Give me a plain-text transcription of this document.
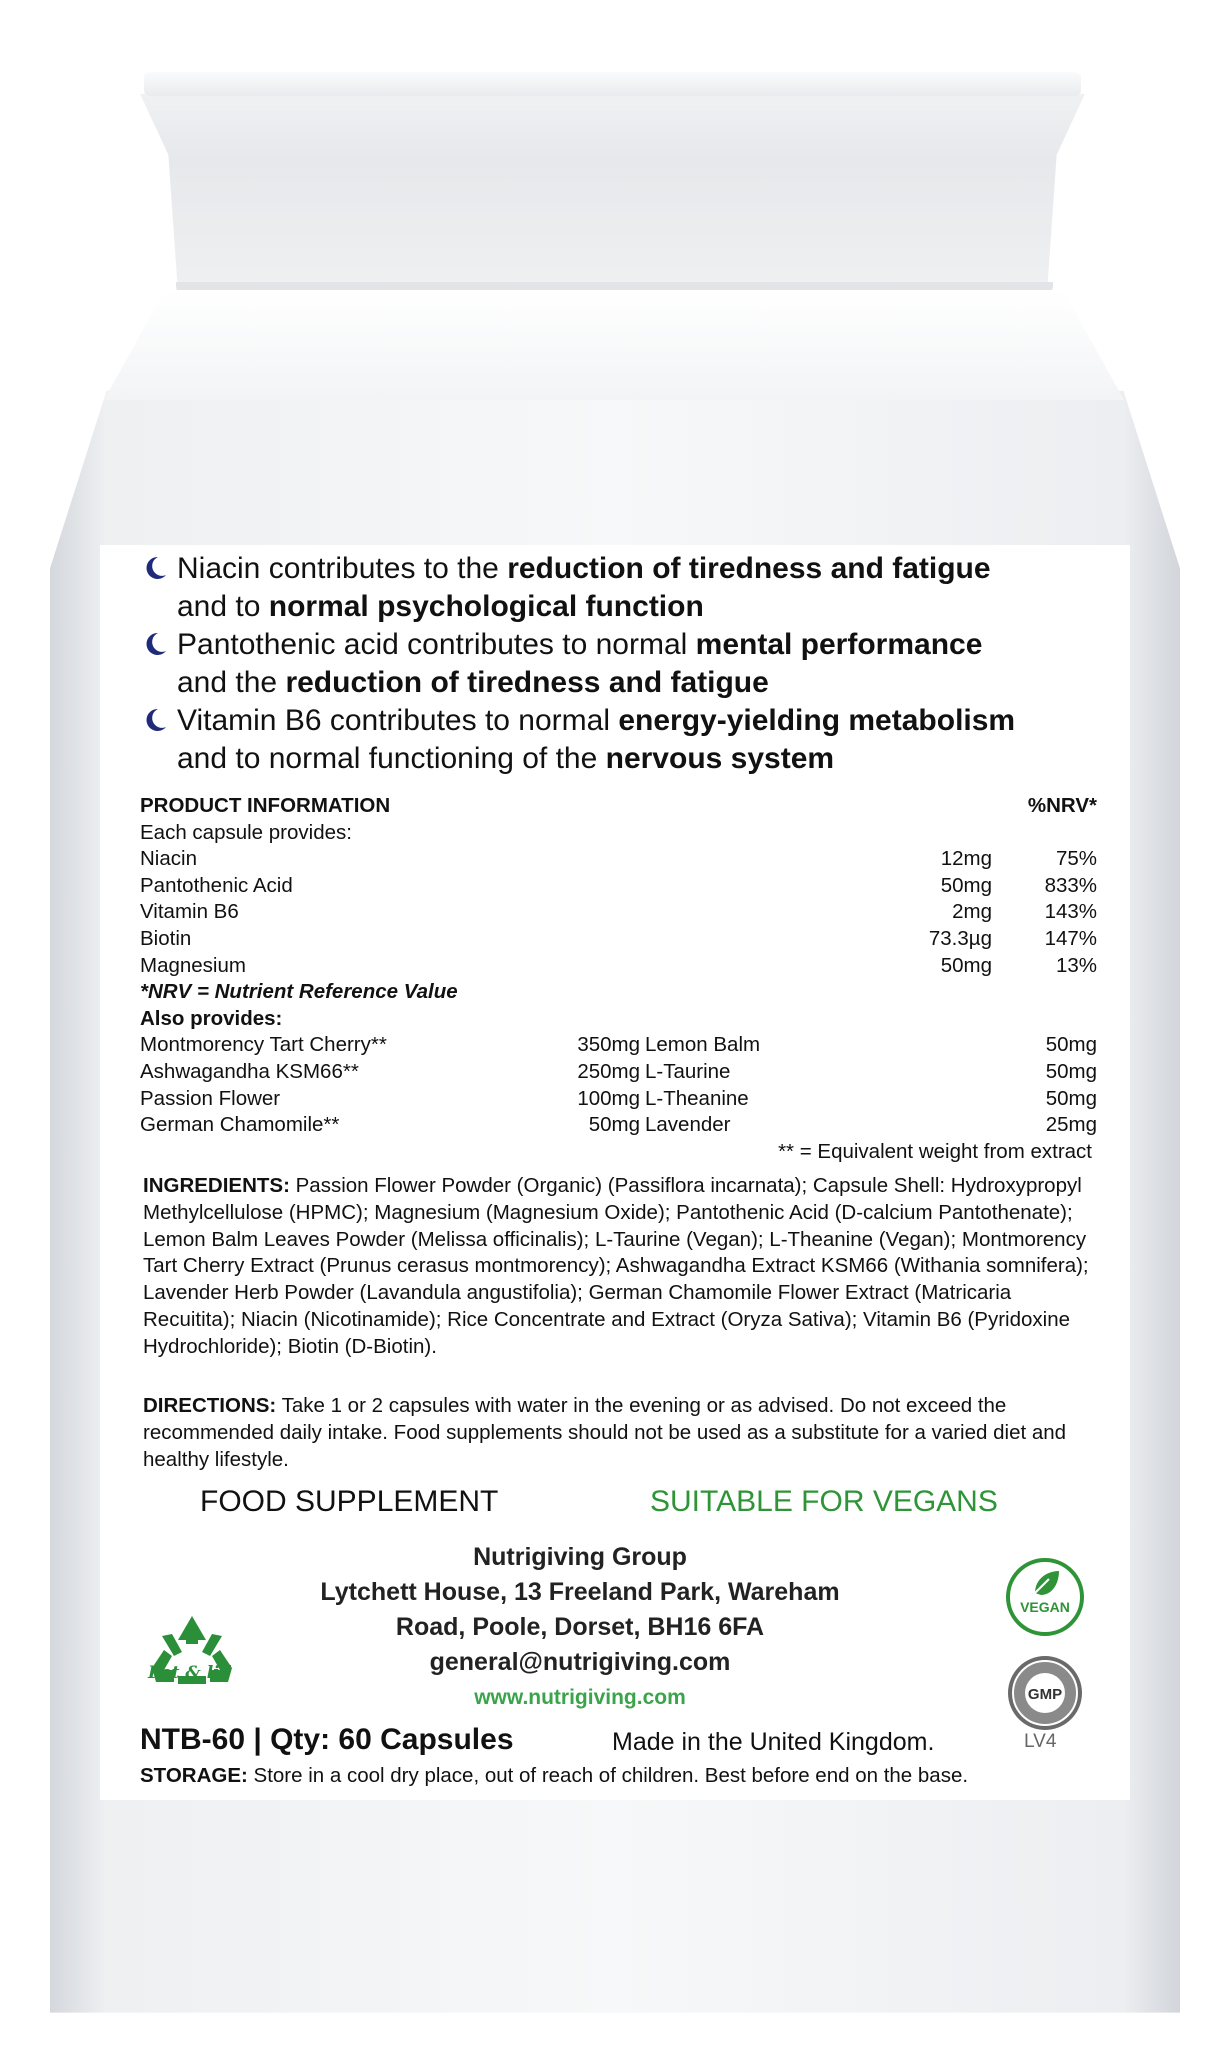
Niacin contributes to the reduction of tiredness and fatigue
and to normal psychological function
Pantothenic acid contributes to normal mental performance
and the reduction of tiredness and fatigue
Vitamin B6 contributes to normal energy-yielding metabolism
and to normal functioning of the nervous system
PRODUCT INFORMATION	%NRV*
Each capsule provides:
Niacin	12mg	75%
Pantothenic Acid	50mg	833%
Vitamin B6	2mg	143%
Biotin	73.3µg	147%
Magnesium	50mg	13%
*NRV = Nutrient Reference Value
Also provides:
Montmorency Tart Cherry**	350mg Lemon Balm	50mg
Ashwagandha KSM66**	250mg L-Taurine	50mg
Passion Flower	100mg L-Theanine	50mg
German Chamomile**	50mg Lavender	25mg
** = Equivalent weight from extract
INGREDIENTS: Passion Flower Powder (Organic) (Passiflora incarnata); Capsule Shell: Hydroxypropyl Methylcellulose (HPMC); Magnesium (Magnesium Oxide); Pantothenic Acid (D-calcium Pantothenate); Lemon Balm Leaves Powder (Melissa officinalis); L-Taurine (Vegan); L-Theanine (Vegan); Montmorency Tart Cherry Extract (Prunus cerasus montmorency); Ashwagandha Extract KSM66 (Withania somnifera); Lavender Herb Powder (Lavandula angustifolia); German Chamomile Flower Extract (Matricaria Recuitita); Niacin (Nicotinamide); Rice Concentrate and Extract (Oryza Sativa); Vitamin B6 (Pyridoxine Hydrochloride); Biotin (D-Biotin).
DIRECTIONS: Take 1 or 2 capsules with water in the evening or as advised. Do not exceed the recommended daily intake. Food supplements should not be used as a substitute for a varied diet and healthy lifestyle.
FOOD SUPPLEMENT	SUITABLE FOR VEGANS
Pot & lid
Nutrigiving Group
Lytchett House, 13 Freeland Park, Wareham
Road, Poole, Dorset, BH16 6FA
general@nutrigiving.com
www.nutrigiving.com
VEGAN
GMP
NTB-60 | Qty: 60 Capsules	Made in the United Kingdom.	LV4
STORAGE: Store in a cool dry place, out of reach of children. Best before end on the base.
